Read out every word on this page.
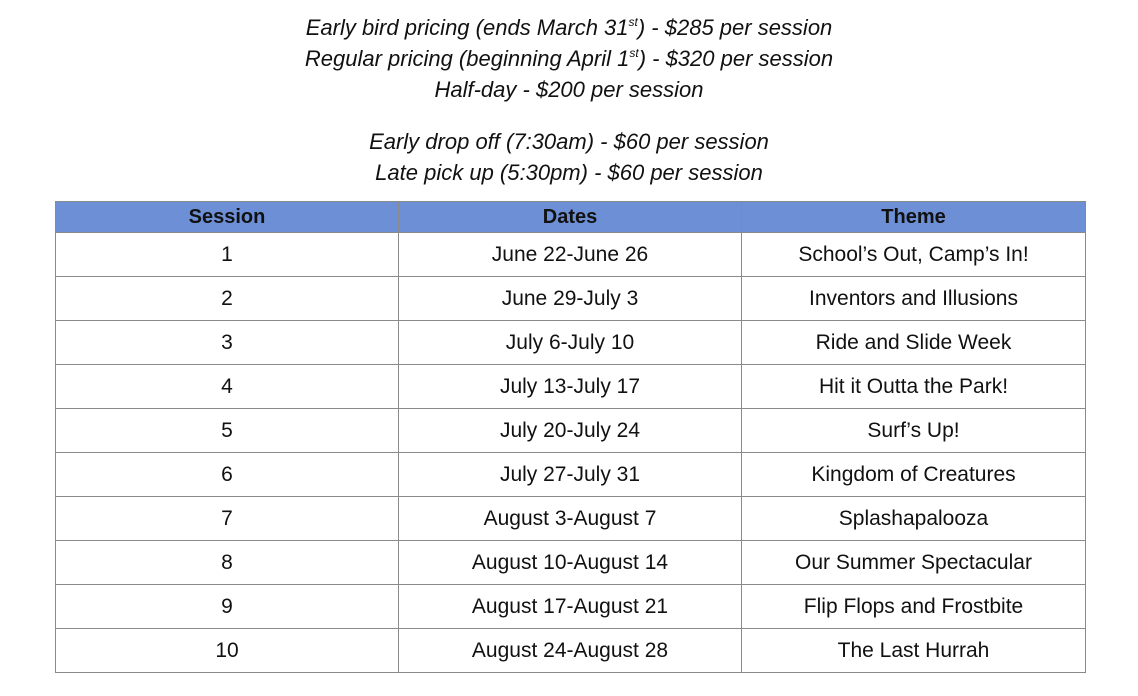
Early bird pricing (ends March 31st) - $285 per session
Regular pricing (beginning April 1st) - $320 per session
Half-day - $200 per session
Early drop off (7:30am) - $60 per session
Late pick up (5:30pm) - $60 per session
Session	Dates	Theme
1	June 22-June 26	School’s Out, Camp’s In!
2	June 29-July 3	Inventors and Illusions
3	July 6-July 10	Ride and Slide Week
4	July 13-July 17	Hit it Outta the Park!
5	July 20-July 24	Surf’s Up!
6	July 27-July 31	Kingdom of Creatures
7	August 3-August 7	Splashapalooza
8	August 10-August 14	Our Summer Spectacular
9	August 17-August 21	Flip Flops and Frostbite
10	August 24-August 28	The Last Hurrah
